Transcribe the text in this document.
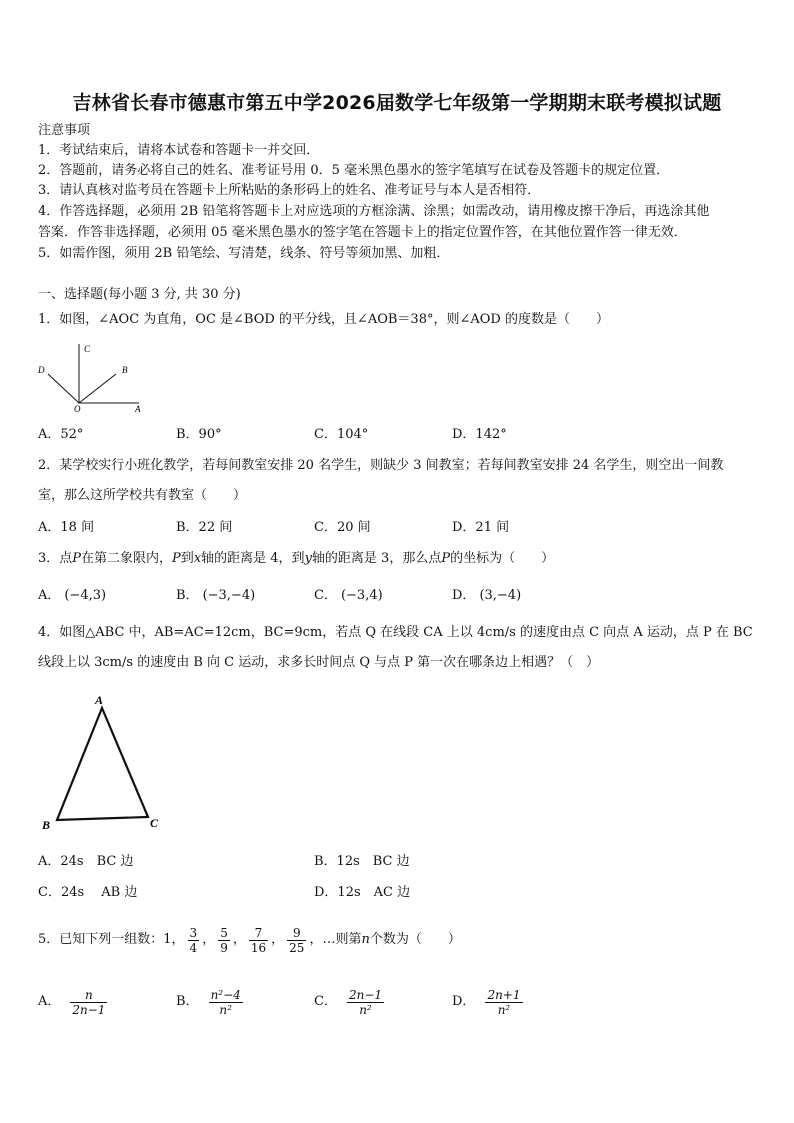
吉林省长春市德惠市第五中学2026届数学七年级第一学期期末联考模拟试题
注意事项
1．考试结束后，请将本试卷和答题卡一并交回．
2．答题前，请务必将自己的姓名、准考证号用 0．5 毫米黑色墨水的签字笔填写在试卷及答题卡的规定位置．
3．请认真核对监考员在答题卡上所粘贴的条形码上的姓名、准考证号与本人是否相符．
4．作答选择题，必须用 2B 铅笔将答题卡上对应选项的方框涂满、涂黑；如需改动，请用橡皮擦干净后，再选涂其他
答案．作答非选择题，必须用 05 毫米黑色墨水的签字笔在答题卡上的指定位置作答，在其他位置作答一律无效．
5．如需作图，须用 2B 铅笔绘、写清楚，线条、符号等须加黑、加粗．
一、选择题(每小题 3 分, 共 30 分)
1．如图，∠AOC 为直角，OC 是∠BOD 的平分线，且∠AOB＝38°，则∠AOD 的度数是（　　）
C
D	B
O	A
A．52°	B．90°	C．104°	D．142°
2．某学校实行小班化教学，若每间教室安排 20 名学生，则缺少 3 间教室；若每间教室安排 24 名学生，则空出一间教
室，那么这所学校共有教室（　　）
A．18 间	B．22 间	C．20 间	D．21 间
3．点P在第二象限内，P到x轴的距离是 4，到y轴的距离是 3，那么点P的坐标为（　　）
A． (−4,3)	B． (−3,−4)	C． (−3,4)	D． (3,−4)
4．如图△ABC 中，AB=AC=12cm，BC=9cm，若点 Q 在线段 CA 上以 4cm/s 的速度由点 C 向点 A 运动，点 P 在 BC
线段上以 3cm/s 的速度由 B 向 C 运动，求多长时间点 Q 与点 P 第一次在哪条边上相遇？（　）
A
B	C
A．24s　BC 边	B．12s　BC 边
C．24s　 AB 边	D．12s　AC 边
5．已知下列一组数：1， $\frac{3}{4}$ ， $\frac{5}{9}$ ， $\frac{7}{16}$ ， $\frac{9}{25}$ ，…则第 n 个数为（　　）
A． $\frac{n}{2n-1}$	B． $\frac{\text{n²−4}}{\text{n²}}$	C． $\frac{2n-1}{\text{n²}}$	D． $\frac{2n+1}{\text{n²}}$
